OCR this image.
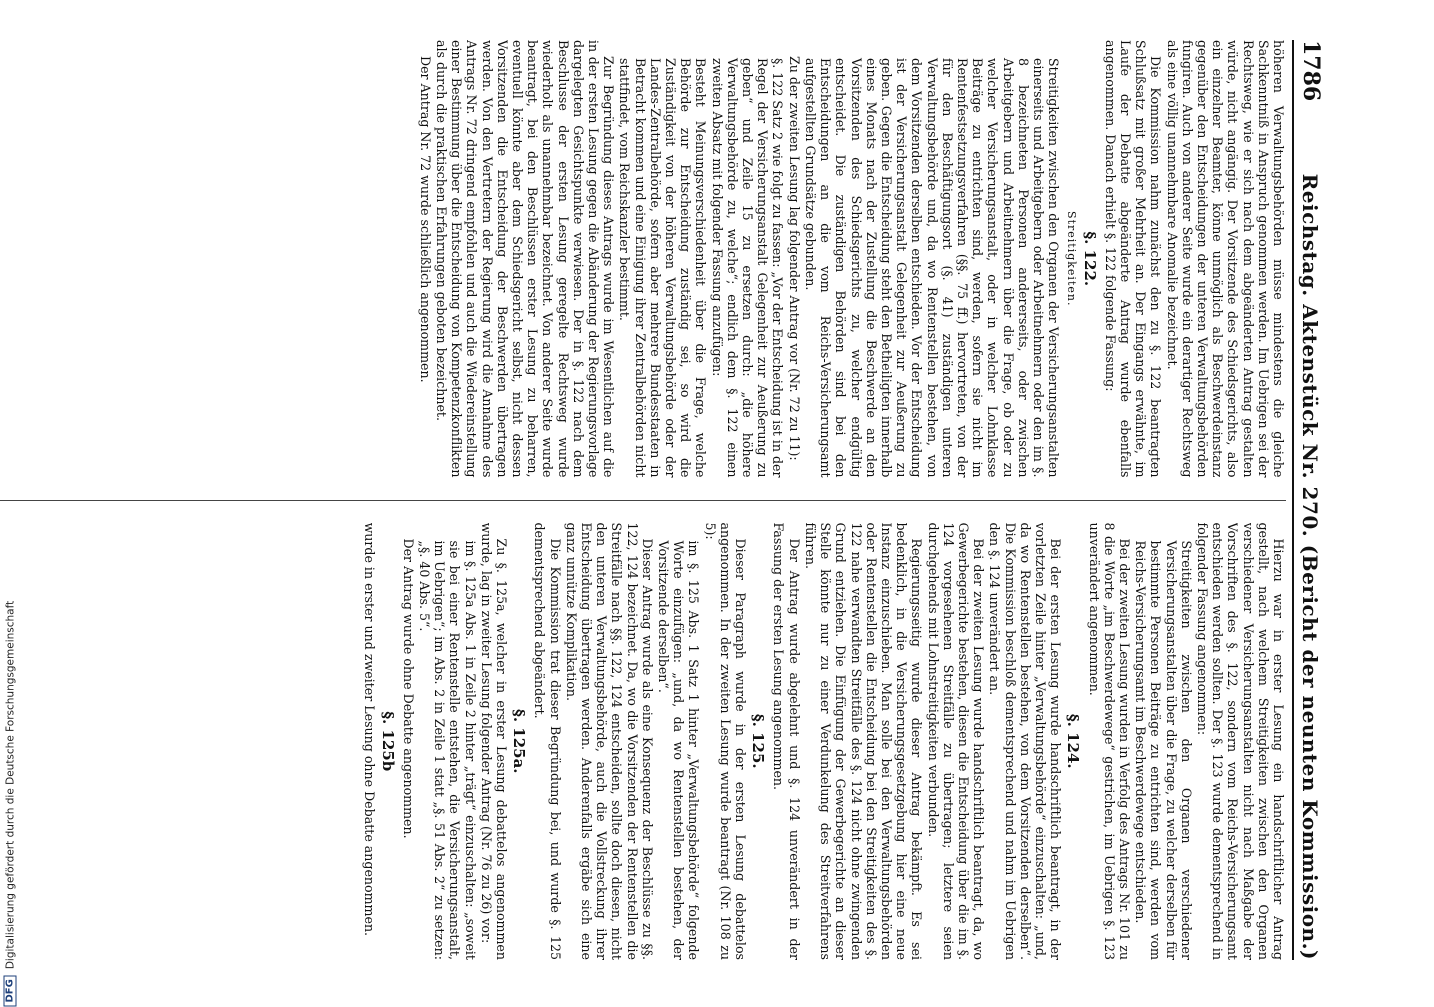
1786
Reichstag. Aktenstück Nr. 270. (Bericht der neunten Kommission.)

höheren Verwaltungsbehörden müsse mindestens die gleiche Sachkenntniß in Anspruch genommen werden. Im Uebrigen sei der Rechtsweg, wie er sich nach dem abgeänderten Antrag gestalten würde, nicht angängig. Der Vorsitzende des Schiedsgerichts, also ein einzelner Beamter, könne unmöglich als Beschwerdeinstanz gegenüber den Entscheidungen der unteren Verwaltungsbehörden fungiren. Auch von anderer Seite wurde ein derartiger Rechtsweg als eine völlig unannehmbare Anomalie bezeichnet.

Die Kommission nahm zunächst den zu §. 122 beantragten Schlußsatz mit großer Mehrheit an. Der Eingangs erwähnte, im Laufe der Debatte abgeänderte Antrag wurde ebenfalls angenommen. Danach erhielt §. 122 folgende Fassung:

§. 122.
Streitigkeiten.

Streitigkeiten zwischen den Organen der Versicherungsanstalten einerseits und Arbeitgebern oder Arbeitnehmern oder den im §. 8 bezeichneten Personen andererseits, oder zwischen Arbeitgebern und Arbeitnehmern über die Frage, ob oder zu welcher Versicherungsanstalt, oder in welcher Lohnklasse Beiträge zu entrichten sind, werden, sofern sie nicht im Rentenfestsetzungsverfahren (§§. 75 ff.) hervortreten, von der für den Beschäftigungsort (§. 41) zuständigen unteren Verwaltungsbehörde und, da wo Rentenstellen bestehen, von dem Vorsitzenden derselben entschieden. Vor der Entscheidung ist der Versicherungsanstalt Gelegenheit zur Aeußerung zu geben. Gegen die Entscheidung steht den Betheiligten innerhalb eines Monats nach der Zustellung die Beschwerde an den Vorsitzenden des Schiedsgerichts zu, welcher endgültig entscheidet. Die zuständigen Behörden sind bei den Entscheidungen an die vom Reichs-Versicherungsamt aufgestellten Grundsätze gebunden.

Zu der zweiten Lesung lag folgender Antrag vor (Nr. 72 zu 11):

§. 122 Satz 2 wie folgt zu fassen: „Vor der Entscheidung ist in der Regel der Versicherungsanstalt Gelegenheit zur Aeußerung zu geben“ und Zeile 15 zu ersetzen durch: „die höhere Verwaltungsbehörde zu, welche“; endlich dem §. 122 einen zweiten Absatz mit folgender Fassung anzufügen:

Besteht Meinungsverschiedenheit über die Frage, welche Behörde zur Entscheidung zuständig sei, so wird die Zuständigkeit von der höheren Verwaltungsbehörde oder der Landes-Zentralbehörde, sofern aber mehrere Bundesstaaten in Betracht kommen und eine Einigung ihrer Zentralbehörden nicht stattfindet, vom Reichskanzler bestimmt.

Zur Begründung dieses Antrags wurde im Wesentlichen auf die in der ersten Lesung gegen die Abänderung der Regierungsvorlage dargelegten Gesichtspunkte verwiesen. Der in §. 122 nach dem Beschlusse der ersten Lesung geregelte Rechtsweg wurde wiederholt als unannehmbar bezeichnet. Von anderer Seite wurde beantragt, bei den Beschlüssen erster Lesung zu beharren, eventuell könnte aber dem Schiedsgericht selbst, nicht dessen Vorsitzenden die Entscheidung der Beschwerden übertragen werden. Von den Vertretern der Regierung wird die Annahme des Antrags Nr. 72 dringend empfohlen und auch die Wiedereinstellung einer Bestimmung über die Entscheidung von Kompetenzkonflikten als durch die praktischen Erfahrungen geboten bezeichnet.

Der Antrag Nr. 72 wurde schließlich angenommen.

Hierzu war in erster Lesung ein handschriftlicher Antrag gestellt, nach welchem Streitigkeiten zwischen den Organen verschiedener Versicherungsanstalten nicht nach Maßgabe der Vorschriften des §. 122, sondern vom Reichs-Versicherungsamt entschieden werden sollten. Der §. 123 wurde dementsprechend in folgender Fassung angenommen:

Streitigkeiten zwischen den Organen verschiedener Versicherungsanstalten über die Frage, zu welcher derselben für bestimmte Personen Beiträge zu entrichten sind, werden vom Reichs-Versicherungsamt im Beschwerdewege entschieden.

Bei der zweiten Lesung wurden in Verfolg des Antrags Nr. 101 zu 8 die Worte „im Beschwerdewege“ gestrichen, im Uebrigen §. 123 unverändert angenommen.

§. 124.

Bei der ersten Lesung wurde handschriftlich beantragt, in der vorletzten Zeile hinter „Verwaltungsbehörde“ einzuschalten: „und, da wo Rentenstellen bestehen, von dem Vorsitzenden derselben“. Die Kommission beschloß dementsprechend und nahm im Uebrigen den §. 124 unverändert an.

Bei der zweiten Lesung wurde handschriftlich beantragt, da, wo Gewerbegerichte bestehen, diesen die Entscheidung über die im §. 124 vorgesehenen Streitfälle zu übertragen; letztere seien durchgehends mit Lohnstreitigkeiten verbunden.

Regierungsseitig wurde dieser Antrag bekämpft. Es sei bedenklich, in die Versicherungsgesetzgebung hier eine neue Instanz einzuschieben. Man solle bei den Verwaltungsbehörden oder Rentenstellen die Entscheidung bei den Streitigkeiten des §. 122 nahe verwandten Streitfälle des §. 124 nicht ohne zwingenden Grund entziehen. Die Einfügung der Gewerbegerichte an dieser Stelle könnte nur zu einer Verdunkelung des Streitverfahrens führen.

Der Antrag wurde abgelehnt und §. 124 unverändert in der Fassung der ersten Lesung angenommen.

§. 125.

Dieser Paragraph wurde in der ersten Lesung debattelos angenommen. In der zweiten Lesung wurde beantragt (Nr. 108 zu 5):

im §. 125 Abs. 1 Satz 1 hinter „Verwaltungsbehörde“ folgende Worte einzufügen: „und, da wo Rentenstellen bestehen, der Vorsitzende derselben“.

Dieser Antrag wurde als eine Konsequenz der Beschlüsse zu §§. 122, 124 bezeichnet. Da, wo die Vorsitzenden der Rentenstellen die Streitfälle nach §§. 122, 124 entscheiden, sollte doch diesen, nicht den unteren Verwaltungsbehörde, auch die Vollstreckung ihrer Entscheidung übertragen werden. Anderenfalls ergäbe sich eine ganz unnütze Komplikation.

Die Kommission trat dieser Begründung bei, und wurde §. 125 dementsprechend abgeändert.

§. 125a.

Zu §. 125a, welcher in erster Lesung debattelos angenommen wurde, lag in zweiter Lesung folgender Antrag (Nr. 76 zu 26) vor:

im §. 125a Abs. 1 in Zeile 2 hinter „trägt“ einzuschalten: „soweit sie bei einer Rentenstelle entstehen, die Versicherungsanstalt, im Uebrigen“; im Abs. 2 in Zeile 1 statt „§. 51 Abs. 2“ zu setzen: „§. 40 Abs. 5“.

Der Antrag wurde ohne Debatte angenommen.

§. 125b

wurde in erster und zweiter Lesung ohne Debatte angenommen.

DFG
Digitalisierung gefördert durch die Deutsche Forschungsgemeinschaft
